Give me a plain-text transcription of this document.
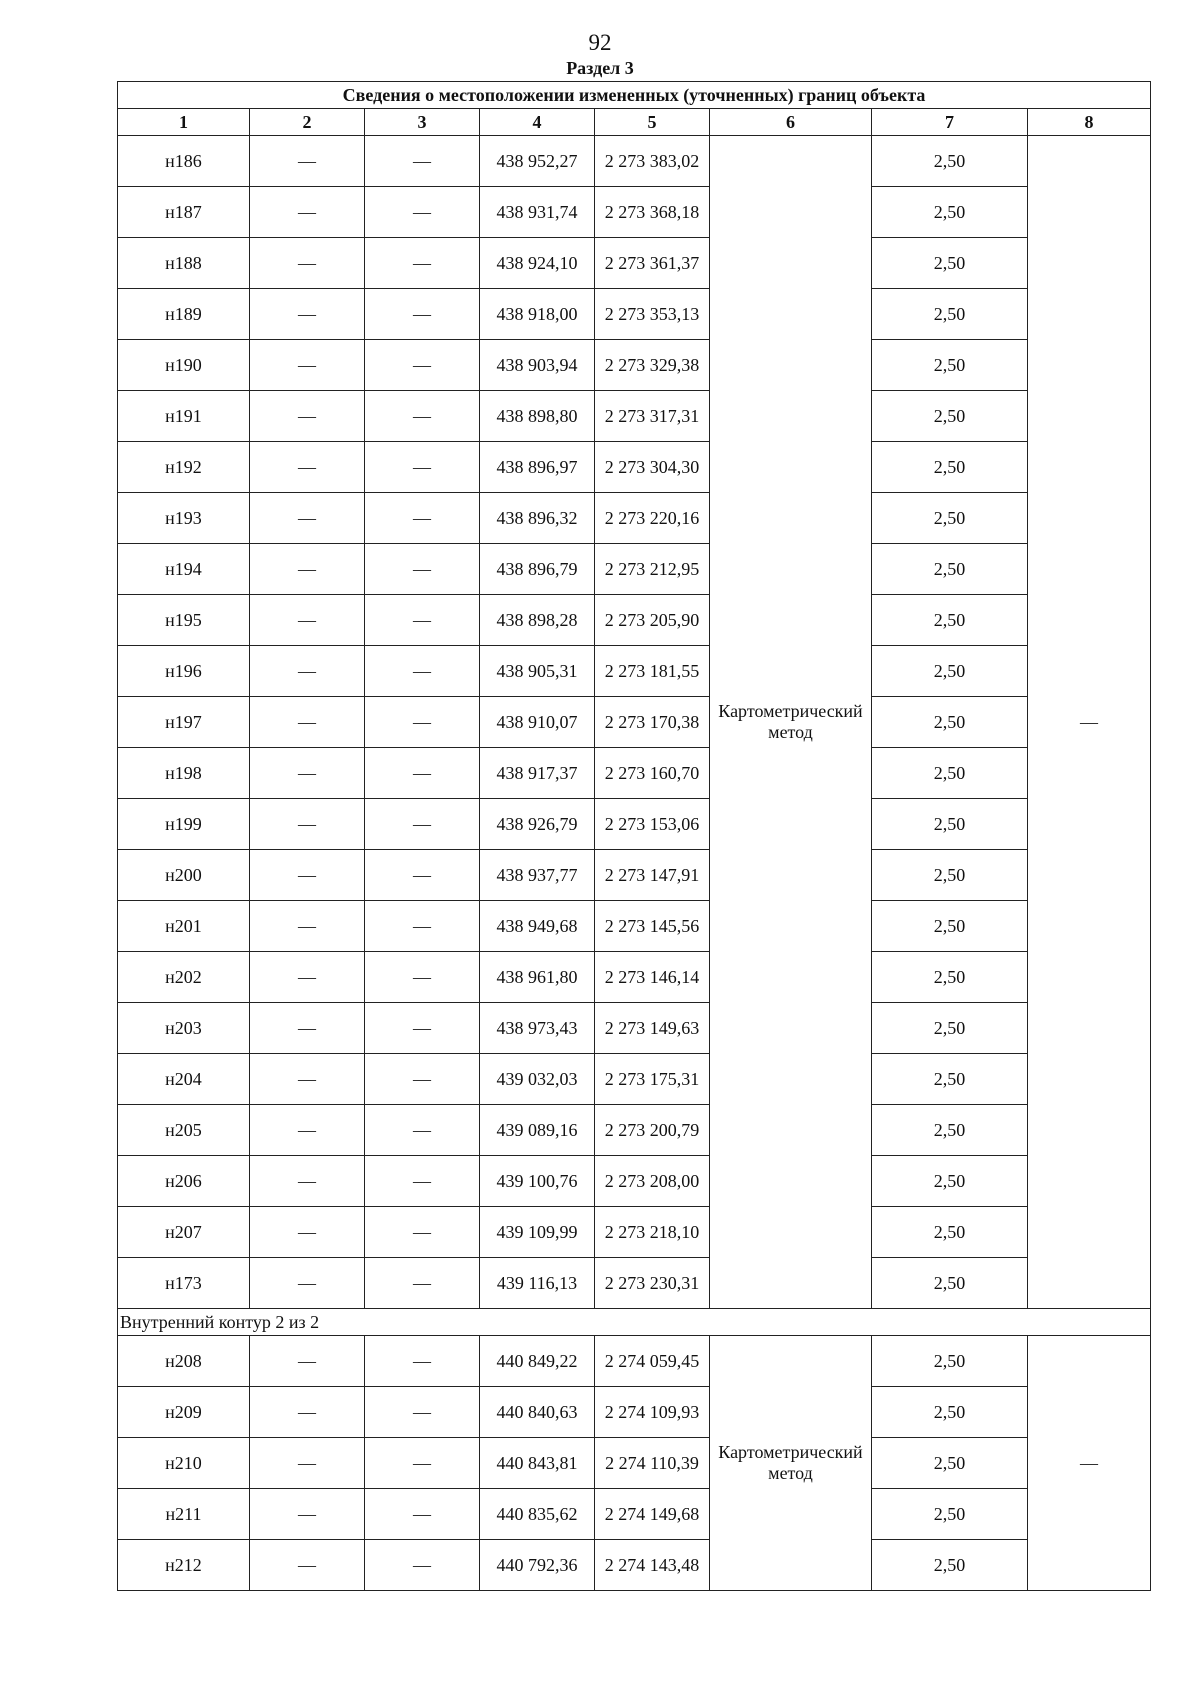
92
Раздел 3
Сведения о местоположении измененных (уточненных) границ объекта							
1	2	3	4	5	6	7	8
н186	—	—	438 952,27	2 273 383,02	Картометрический метод	2,50	—
н187	—	—	438 931,74	2 273 368,18		2,50	
н188	—	—	438 924,10	2 273 361,37		2,50	
н189	—	—	438 918,00	2 273 353,13		2,50	
н190	—	—	438 903,94	2 273 329,38		2,50	
н191	—	—	438 898,80	2 273 317,31		2,50	
н192	—	—	438 896,97	2 273 304,30		2,50	
н193	—	—	438 896,32	2 273 220,16		2,50	
н194	—	—	438 896,79	2 273 212,95		2,50	
н195	—	—	438 898,28	2 273 205,90		2,50	
н196	—	—	438 905,31	2 273 181,55		2,50	
н197	—	—	438 910,07	2 273 170,38		2,50	
н198	—	—	438 917,37	2 273 160,70		2,50	
н199	—	—	438 926,79	2 273 153,06		2,50	
н200	—	—	438 937,77	2 273 147,91		2,50	
н201	—	—	438 949,68	2 273 145,56		2,50	
н202	—	—	438 961,80	2 273 146,14		2,50	
н203	—	—	438 973,43	2 273 149,63		2,50	
н204	—	—	439 032,03	2 273 175,31		2,50	
н205	—	—	439 089,16	2 273 200,79		2,50	
н206	—	—	439 100,76	2 273 208,00		2,50	
н207	—	—	439 109,99	2 273 218,10		2,50	
н173	—	—	439 116,13	2 273 230,31		2,50	
Внутренний контур 2 из 2							
н208	—	—	440 849,22	2 274 059,45	Картометрический метод	2,50	—
н209	—	—	440 840,63	2 274 109,93		2,50	
н210	—	—	440 843,81	2 274 110,39		2,50	
н211	—	—	440 835,62	2 274 149,68		2,50	
н212	—	—	440 792,36	2 274 143,48		2,50	
